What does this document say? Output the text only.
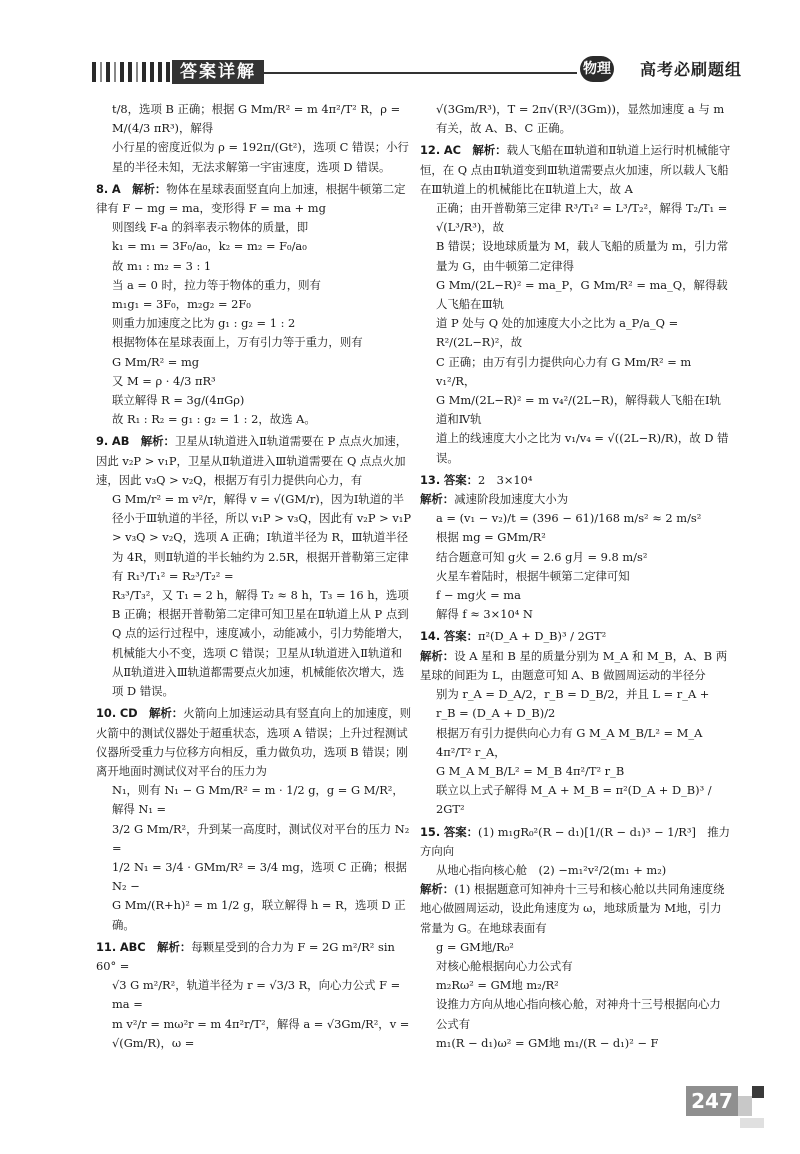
答案详解	物理 高考必刷题组

t/8，选项 B 正确；根据 G Mm/R² = m 4π²/T² R，ρ = M/(4/3 πR³)，解得

小行星的密度近似为 ρ = 192π/(Gt²)，选项 C 错误；小行星的半径未知，无法求解第一宇宙速度，选项 D 错误。

8. A　解析：物体在星球表面竖直向上加速，根据牛顿第二定律有 F − mg = ma，变形得 F = ma + mg

则图线 F-a 的斜率表示物体的质量，即

k₁ = m₁ = 3F₀/a₀，k₂ = m₂ = F₀/a₀

故 m₁ : m₂ = 3 : 1

当 a = 0 时，拉力等于物体的重力，则有

m₁g₁ = 3F₀，m₂g₂ = 2F₀

则重力加速度之比为 g₁ : g₂ = 1 : 2

根据物体在星球表面上，万有引力等于重力，则有

G Mm/R² = mg

又 M = ρ · 4/3 πR³

联立解得 R = 3g/(4πGρ)

故 R₁ : R₂ = g₁ : g₂ = 1 : 2，故选 A。

9. AB　解析：卫星从Ⅰ轨道进入Ⅱ轨道需要在 P 点点火加速，因此 v₂P > v₁P，卫星从Ⅱ轨道进入Ⅲ轨道需要在 Q 点点火加速，因此 v₃Q > v₂Q，根据万有引力提供向心力，有

G Mm/r² = m v²/r，解得 v = √(GM/r)，因为Ⅰ轨道的半径小于Ⅲ轨道的半径，所以 v₁P > v₃Q，因此有 v₂P > v₁P > v₃Q > v₂Q，选项 A 正确；Ⅰ轨道半径为 R，Ⅲ轨道半径为 4R，则Ⅱ轨道的半长轴约为 2.5R，根据开普勒第三定律有 R₁³/T₁² = R₂³/T₂² =

R₃³/T₃²，又 T₁ = 2 h，解得 T₂ ≈ 8 h，T₃ = 16 h，选项 B 正确；根据开普勒第二定律可知卫星在Ⅱ轨道上从 P 点到 Q 点的运行过程中，速度减小，动能减小，引力势能增大，机械能大小不变，选项 C 错误；卫星从Ⅰ轨道进入Ⅱ轨道和从Ⅱ轨道进入Ⅲ轨道都需要点火加速，机械能依次增大，选项 D 错误。

10. CD　解析：火箭向上加速运动具有竖直向上的加速度，则火箭中的测试仪器处于超重状态，选项 A 错误；上升过程测试仪器所受重力与位移方向相反，重力做负功，选项 B 错误；刚离开地面时测试仪对平台的压力为

N₁，则有 N₁ − G Mm/R² = m · 1/2 g，g = G M/R²，解得 N₁ =

3/2 G Mm/R²，升到某一高度时，测试仪对平台的压力 N₂ =

1/2 N₁ = 3/4 · GMm/R² = 3/4 mg，选项 C 正确；根据 N₂ −

G Mm/(R+h)² = m 1/2 g，联立解得 h = R，选项 D 正确。

11. ABC　解析：每颗星受到的合力为 F = 2G m²/R² sin 60° =

√3 G m²/R²，轨道半径为 r = √3/3 R，向心力公式 F = ma =

m v²/r = mω²r = m 4π²r/T²，解得 a = √3Gm/R²，v = √(Gm/R)，ω =

√(3Gm/R³)，T = 2π√(R³/(3Gm))，显然加速度 a 与 m 有关，故 A、B、C 正确。

12. AC　解析：载人飞船在Ⅲ轨道和Ⅱ轨道上运行时机械能守恒，在 Q 点由Ⅱ轨道变到Ⅲ轨道需要点火加速，所以载人飞船在Ⅲ轨道上的机械能比在Ⅱ轨道上大，故 A

正确；由开普勒第三定律 R³/T₁² = L³/T₂²，解得 T₂/T₁ = √(L³/R³)，故

B 错误；设地球质量为 M，载人飞船的质量为 m，引力常量为 G，由牛顿第二定律得

G Mm/(2L−R)² = ma_P，G Mm/R² = ma_Q，解得载人飞船在Ⅲ轨

道 P 处与 Q 处的加速度大小之比为 a_P/a_Q = R²/(2L−R)²，故

C 正确；由万有引力提供向心力有 G Mm/R² = m v₁²/R，

G Mm/(2L−R)² = m v₄²/(2L−R)，解得载人飞船在Ⅰ轨道和Ⅳ轨

道上的线速度大小之比为 v₁/v₄ = √((2L−R)/R)，故 D 错误。

13. 答案：2　3×10⁴

解析：减速阶段加速度大小为

a = (v₁ − v₂)/t = (396 − 61)/168 m/s² ≈ 2 m/s²

根据 mg = GMm/R²

结合题意可知 g火 = 2.6 g月 = 9.8 m/s²

火星车着陆时，根据牛顿第二定律可知

f − mg火 = ma

解得 f ≈ 3×10⁴ N

14. 答案：π²(D_A + D_B)³ / 2GT²

解析：设 A 星和 B 星的质量分别为 M_A 和 M_B，A、B 两星球的间距为 L，由题意可知 A、B 做圆周运动的半径分

别为 r_A = D_A/2，r_B = D_B/2，并且 L = r_A + r_B = (D_A + D_B)/2

根据万有引力提供向心力有 G M_A M_B/L² = M_A 4π²/T² r_A，

G M_A M_B/L² = M_B 4π²/T² r_B

联立以上式子解得 M_A + M_B = π²(D_A + D_B)³ / 2GT²

15. 答案：(1) m₁gR₀²(R − d₁)[1/(R − d₁)³ − 1/R³]　推力方向向

从地心指向核心舱　(2) −m₁²v²/2(m₁ + m₂)

解析：(1) 根据题意可知神舟十三号和核心舱以共同角速度绕地心做圆周运动，设此角速度为 ω，地球质量为 M地，引力常量为 G。在地球表面有

g = GM地/R₀²

对核心舱根据向心力公式有

m₂Rω² = GM地 m₂/R²

设推力方向从地心指向核心舱，对神舟十三号根据向心力公式有

m₁(R − d₁)ω² = GM地 m₁/(R − d₁)² − F

247
